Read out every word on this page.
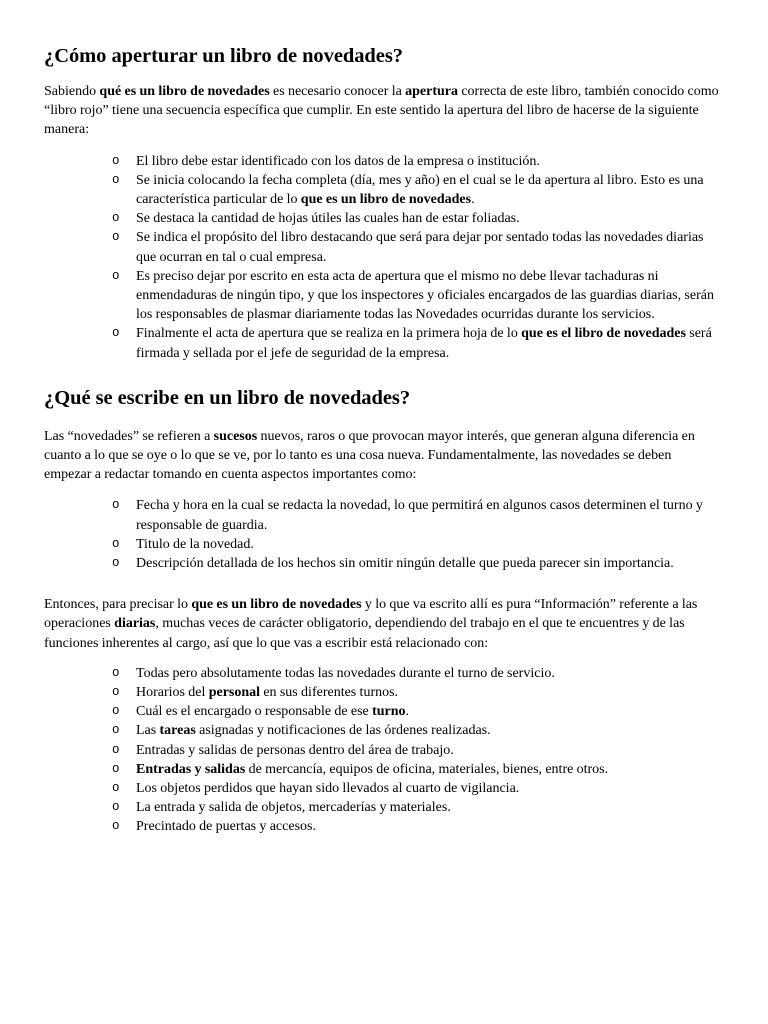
¿Cómo aperturar un libro de novedades?

Sabiendo qué es un libro de novedades es necesario conocer la apertura correcta de este libro, también conocido como “libro rojo” tiene una secuencia específica que cumplir. En este sentido la apertura del libro de hacerse de la siguiente manera:

o El libro debe estar identificado con los datos de la empresa o institución.
o Se inicia colocando la fecha completa (día, mes y año) en el cual se le da apertura al libro. Esto es una característica particular de lo que es un libro de novedades.
o Se destaca la cantidad de hojas útiles las cuales han de estar foliadas.
o Se indica el propósito del libro destacando que será para dejar por sentado todas las novedades diarias que ocurran en tal o cual empresa.
o Es preciso dejar por escrito en esta acta de apertura que el mismo no debe llevar tachaduras ni enmendaduras de ningún tipo, y que los inspectores y oficiales encargados de las guardias diarias, serán los responsables de plasmar diariamente todas las Novedades ocurridas durante los servicios.
o Finalmente el acta de apertura que se realiza en la primera hoja de lo que es el libro de novedades será firmada y sellada por el jefe de seguridad de la empresa.
¿Qué se escribe en un libro de novedades?

Las “novedades” se refieren a sucesos nuevos, raros o que provocan mayor interés, que generan alguna diferencia en cuanto a lo que se oye o lo que se ve, por lo tanto es una cosa nueva. Fundamentalmente, las novedades se deben empezar a redactar tomando en cuenta aspectos importantes como:

o Fecha y hora en la cual se redacta la novedad, lo que permitirá en algunos casos determinen el turno y responsable de guardia.
o Titulo de la novedad.
o Descripción detallada de los hechos sin omitir ningún detalle que pueda parecer sin importancia.

Entonces, para precisar lo que es un libro de novedades y lo que va escrito allí es pura “Información” referente a las operaciones diarias, muchas veces de carácter obligatorio, dependiendo del trabajo en el que te encuentres y de las funciones inherentes al cargo, así que lo que vas a escribir está relacionado con:

o Todas pero absolutamente todas las novedades durante el turno de servicio.
o Horarios del personal en sus diferentes turnos.
o Cuál es el encargado o responsable de ese turno.
o Las tareas asignadas y notificaciones de las órdenes realizadas.
o Entradas y salidas de personas dentro del área de trabajo.
o Entradas y salidas de mercancía, equipos de oficina, materiales, bienes, entre otros.
o Los objetos perdidos que hayan sido llevados al cuarto de vigilancia.
o La entrada y salida de objetos, mercaderías y materiales.
o Precintado de puertas y accesos.
